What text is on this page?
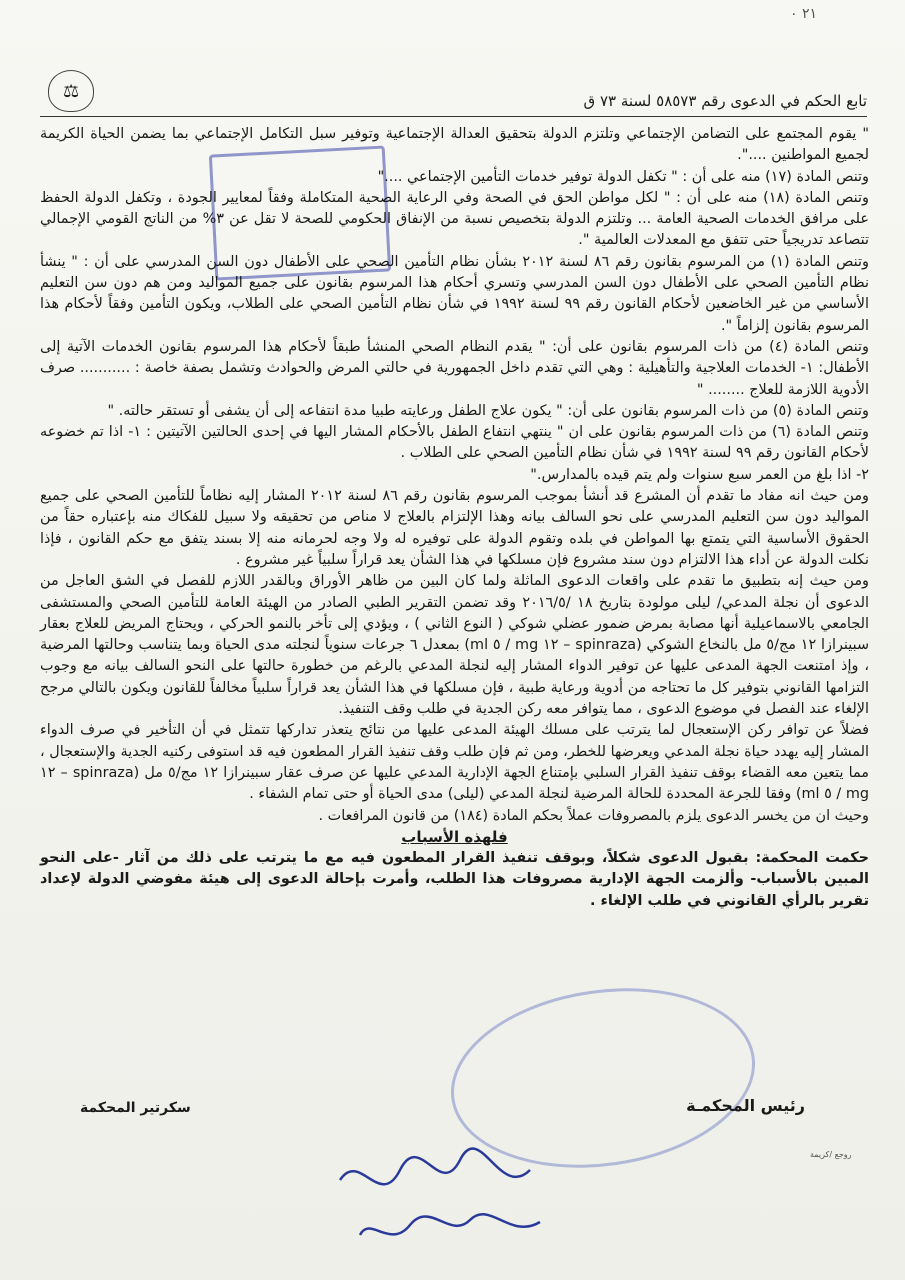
٢١ ٠
تابع الحكم في الدعوى رقم ٥٨٥٧٣ لسنة ٧٣ ق
⚖

" يقوم المجتمع على التضامن الإجتماعي وتلتزم الدولة بتحقيق العدالة الإجتماعية وتوفير سبل التكامل الإجتماعي بما يضمن الحياة الكريمة لجميع المواطنين ....".

وتنص المادة (١٧) منه على أن : " تكفل الدولة توفير خدمات التأمين الإجتماعي ...."

وتنص المادة (١٨) منه على أن : " لكل مواطن الحق في الصحة وفي الرعاية الصحية المتكاملة وفقاً لمعايير الجودة ، وتكفل الدولة الحفظ على مرافق الخدمات الصحية العامة ... وتلتزم الدولة بتخصيص نسبة من الإنفاق الحكومي للصحة لا تقل عن ٣% من الناتج القومي الإجمالي تتصاعد تدريجياً حتى تتفق مع المعدلات العالمية ".

وتنص المادة (١) من المرسوم بقانون رقم ٨٦ لسنة ٢٠١٢ بشأن نظام التأمين الصحي على الأطفال دون السن المدرسي على أن : " ينشأ نظام التأمين الصحي على الأطفال دون السن المدرسي وتسري أحكام هذا المرسوم بقانون على جميع المواليد ومن هم دون سن التعليم الأساسي من غير الخاضعين لأحكام القانون رقم ٩٩ لسنة ١٩٩٢ في شأن نظام التأمين الصحي على الطلاب، ويكون التأمين وفقاً لأحكام هذا المرسوم بقانون إلزاماً ".

وتنص المادة (٤) من ذات المرسوم بقانون على أن: " يقدم النظام الصحي المنشأ طبقاً لأحكام هذا المرسوم بقانون الخدمات الآتية إلى الأطفال: ١- الخدمات العلاجية والتأهيلية : وهي التي تقدم داخل الجمهورية في حالتي المرض والحوادث وتشمل بصفة خاصة : ........... صرف الأدوية اللازمة للعلاج ........ "

وتنص المادة (٥) من ذات المرسوم بقانون على أن: " يكون علاج الطفل ورعايته طبيا مدة انتفاعه إلى أن يشفى أو تستقر حالته. "

وتنص المادة (٦) من ذات المرسوم بقانون على ان " ينتهي انتفاع الطفل بالأحكام المشار اليها في إحدى الحالتين الآتيتين : ١- اذا تم خضوعه لأحكام القانون رقم ٩٩ لسنة ١٩٩٢ في شأن نظام التأمين الصحي على الطلاب .

٢- اذا بلغ من العمر سبع سنوات ولم يتم قيده بالمدارس."

ومن حيث انه مفاد ما تقدم أن المشرع قد أنشأ بموجب المرسوم بقانون رقم ٨٦ لسنة ٢٠١٢ المشار إليه نظاماً للتأمين الصحي على جميع المواليد دون سن التعليم المدرسي على نحو السالف بيانه وهذا الإلتزام بالعلاج لا مناص من تحقيقه ولا سبيل للفكاك منه بإعتباره حقاً من الحقوق الأساسية التي يتمتع بها المواطن في بلده وتقوم الدولة على توفيره له ولا وجه لحرمانه منه إلا بسند يتفق مع حكم القانون ، فإذا نكلت الدولة عن أداء هذا الالتزام دون سند مشروع فإن مسلكها في هذا الشأن يعد قراراً سلبياً غير مشروع .

ومن حيث إنه بتطبيق ما تقدم على واقعات الدعوى الماثلة ولما كان البين من ظاهر الأوراق وبالقدر اللازم للفصل في الشق العاجل من الدعوى أن نجلة المدعي/ ليلى مولودة بتاريخ ١٨ /٢٠١٦/٥ وقد تضمن التقرير الطبي الصادر من الهيئة العامة للتأمين الصحي والمستشفى الجامعي بالاسماعيلية أنها مصابة بمرض ضمور عضلي شوكي ( النوع الثاني ) ، ويؤدي إلى تأخر بالنمو الحركي ، ويحتاج المريض للعلاج بعقار سبينرازا ١٢ مج/٥ مل بالنخاع الشوكي (spinraza – ١٢ mg / ٥ ml) بمعدل ٦ جرعات سنوياً لنجلته مدى الحياة وبما يتناسب وحالتها المرضية ، وإذ امتنعت الجهة المدعى عليها عن توفير الدواء المشار إليه لنجلة المدعي بالرغم من خطورة حالتها على النحو السالف بيانه مع وجوب التزامها القانوني بتوفير كل ما تحتاجه من أدوية ورعاية طبية ، فإن مسلكها في هذا الشأن يعد قراراً سلبياً مخالفاً للقانون ويكون بالتالي مرجح الإلغاء عند الفصل في موضوع الدعوى ، مما يتوافر معه ركن الجدية في طلب وقف التنفيذ.

فضلاً عن توافر ركن الإستعجال لما يترتب على مسلك الهيئة المدعى عليها من نتائج يتعذر تداركها تتمثل في أن التأخير في صرف الدواء المشار إليه يهدد حياة نجلة المدعي ويعرضها للخطر، ومن ثم فإن طلب وقف تنفيذ القرار المطعون فيه قد استوفى ركنيه الجدية والإستعجال ، مما يتعين معه القضاء بوقف تنفيذ القرار السلبي بإمتناع الجهة الإدارية المدعي عليها عن صرف عقار سبينرازا ١٢ مج/٥ مل (spinraza – ١٢ mg / ٥ ml) وفقا للجرعة المحددة للحالة المرضية لنجلة المدعي (ليلى) مدى الحياة أو حتى تمام الشفاء .

وحيث ان من يخسر الدعوى يلزم بالمصروفات عملاً بحكم المادة (١٨٤) من قانون المرافعات .

فلهذه الأسباب

حكمت المحكمة: بقبول الدعوى شكلاً، وبوقف تنفيذ القرار المطعون فيه مع ما يترتب على ذلك من آثار -على النحو المبين بالأسباب- وألزمت الجهة الإدارية مصروفات هذا الطلب، وأمرت بإحالة الدعوى إلى هيئة مفوضي الدولة لإعداد تقرير بالرأي القانوني في طلب الإلغاء .

رئيس المحكمـة
سكرتير المحكمة
روجع /كريمة
